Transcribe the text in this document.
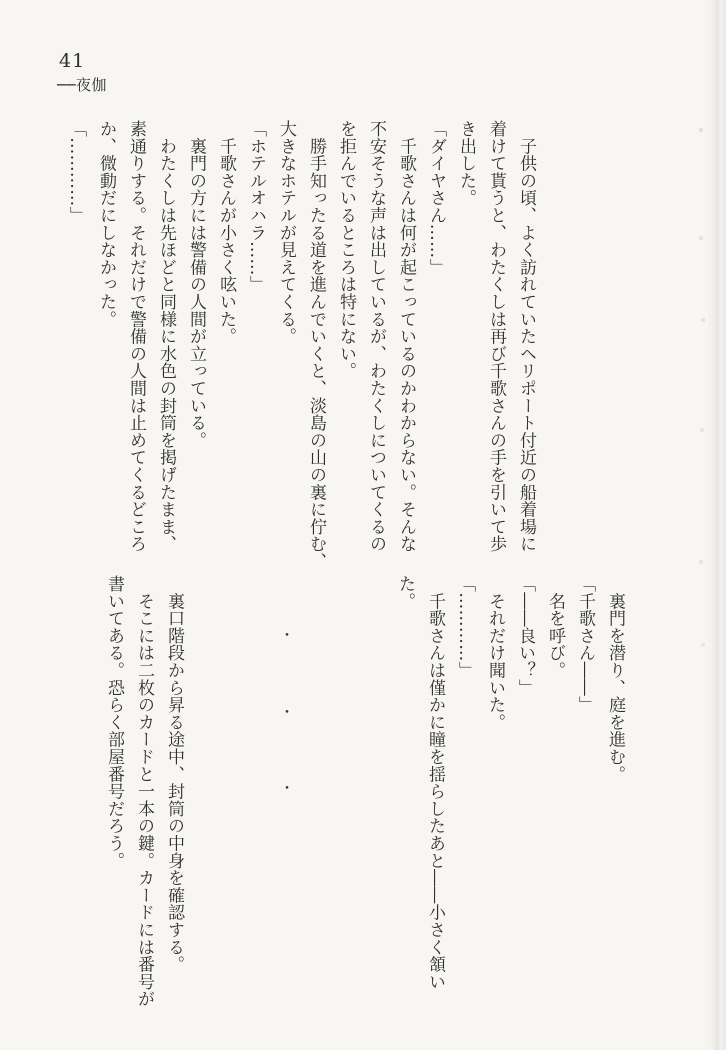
41
──夜伽
　子供の頃、よく訪れていたヘリポート付近の船着場に
着けて貰うと、わたくしは再び千歌さんの手を引いて歩
き出した。
「ダイヤさん……」
　千歌さんは何が起こっているのかわからない。そんな
不安そうな声は出しているが、わたくしについてくるの
を拒んでいるところは特にない。
　勝手知ったる道を進んでいくと、淡島の山の裏に佇む、
大きなホテルが見えてくる。
「ホテルオハラ……」
　千歌さんが小さく呟いた。
　裏門の方には警備の人間が立っている。
　わたくしは先ほどと同様に水色の封筒を掲げたまま、
素通りする。それだけで警備の人間は止めてくるどころ
か、微動だにしなかった。
「…………」
　裏門を潜り、庭を進む。
「千歌さん――」
　名を呼び。
「――良い？」
　それだけ聞いた。
「…………」
　千歌さんは僅かに瞳を揺らしたあと――小さく頷い
た。
・
・
・
　裏口階段から昇る途中、封筒の中身を確認する。
　そこには二枚のカードと一本の鍵。カードには番号が
書いてある。恐らく部屋番号だろう。
